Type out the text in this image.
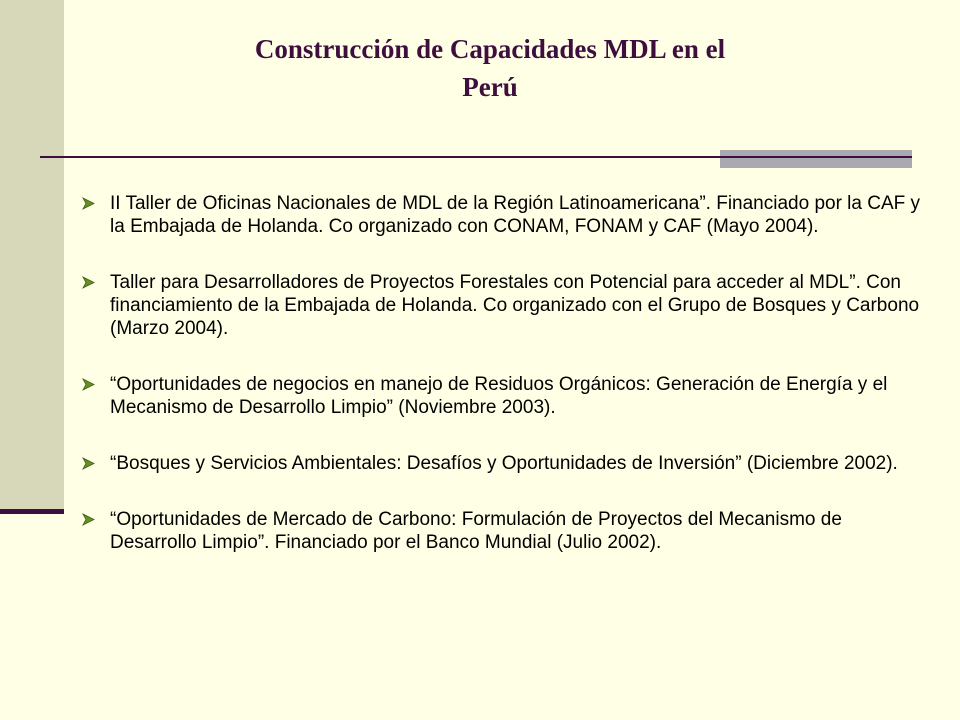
Construcción de Capacidades MDL en el
Perú
II Taller de Oficinas Nacionales de MDL de la Región Latinoamericana”. Financiado por la CAF y la Embajada de Holanda. Co organizado con CONAM, FONAM y CAF (Mayo 2004).
Taller para Desarrolladores de Proyectos Forestales con Potencial para acceder al MDL”. Con financiamiento de la Embajada de Holanda. Co organizado con el Grupo de Bosques y Carbono (Marzo 2004).
“Oportunidades de negocios en manejo de Residuos Orgánicos: Generación de Energía y el Mecanismo de Desarrollo Limpio” (Noviembre 2003).
“Bosques y Servicios Ambientales: Desafíos y Oportunidades de Inversión” (Diciembre 2002).
“Oportunidades de Mercado de Carbono: Formulación de Proyectos del Mecanismo de Desarrollo Limpio”. Financiado por el Banco Mundial (Julio 2002).
